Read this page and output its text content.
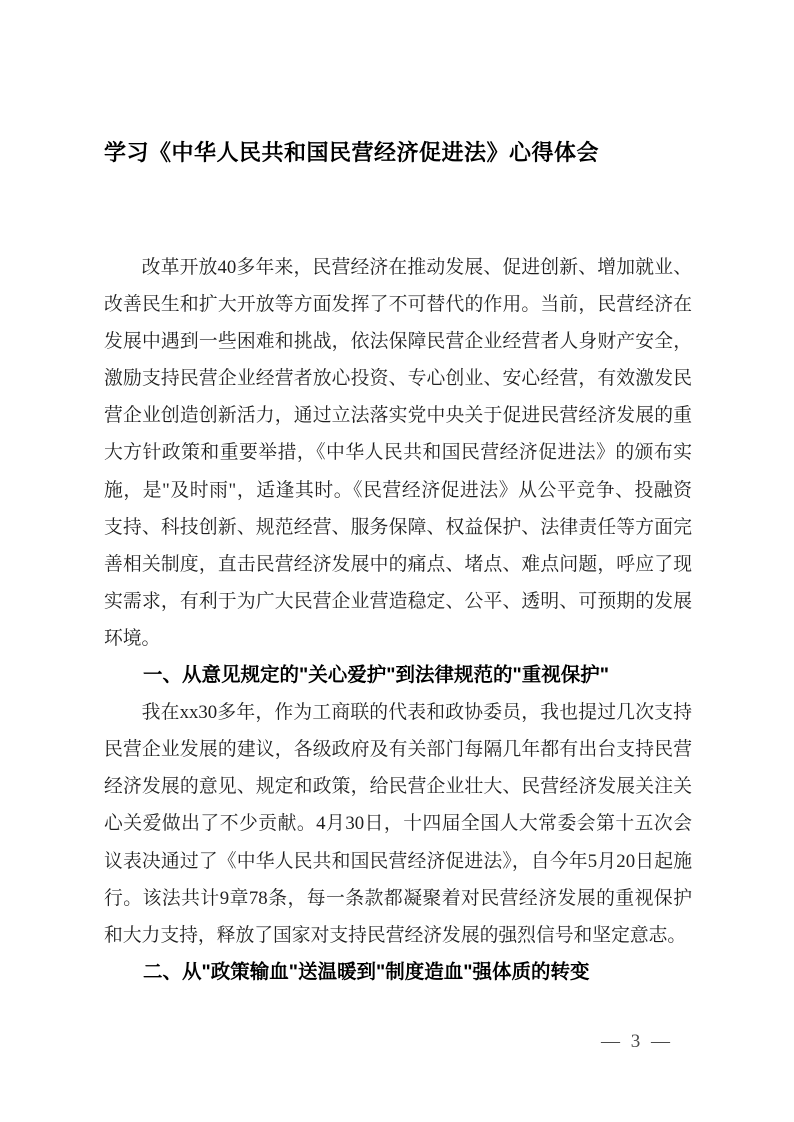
学习《中华人民共和国民营经济促进法》心得体会

改革开放40多年来，民营经济在推动发展、促进创新、增加就业、改善民生和扩大开放等方面发挥了不可替代的作用。当前，民营经济在发展中遇到一些困难和挑战，依法保障民营企业经营者人身财产安全，激励支持民营企业经营者放心投资、专心创业、安心经营，有效激发民营企业创造创新活力，通过立法落实党中央关于促进民营经济发展的重大方针政策和重要举措，《中华人民共和国民营经济促进法》的颁布实施，是"及时雨"，适逢其时。《民营经济促进法》从公平竞争、投融资支持、科技创新、规范经营、服务保障、权益保护、法律责任等方面完善相关制度，直击民营经济发展中的痛点、堵点、难点问题，呼应了现实需求，有利于为广大民营企业营造稳定、公平、透明、可预期的发展环境。

一、从意见规定的"关心爱护"到法律规范的"重视保护"

我在xx30多年，作为工商联的代表和政协委员，我也提过几次支持民营企业发展的建议，各级政府及有关部门每隔几年都有出台支持民营经济发展的意见、规定和政策，给民营企业壮大、民营经济发展关注关心关爱做出了不少贡献。4月30日，十四届全国人大常委会第十五次会议表决通过了《中华人民共和国民营经济促进法》，自今年5月20日起施行。该法共计9章78条，每一条款都凝聚着对民营经济发展的重视保护和大力支持，释放了国家对支持民营经济发展的强烈信号和坚定意志。

二、从"政策输血"送温暖到"制度造血"强体质的转变
— 3 —
